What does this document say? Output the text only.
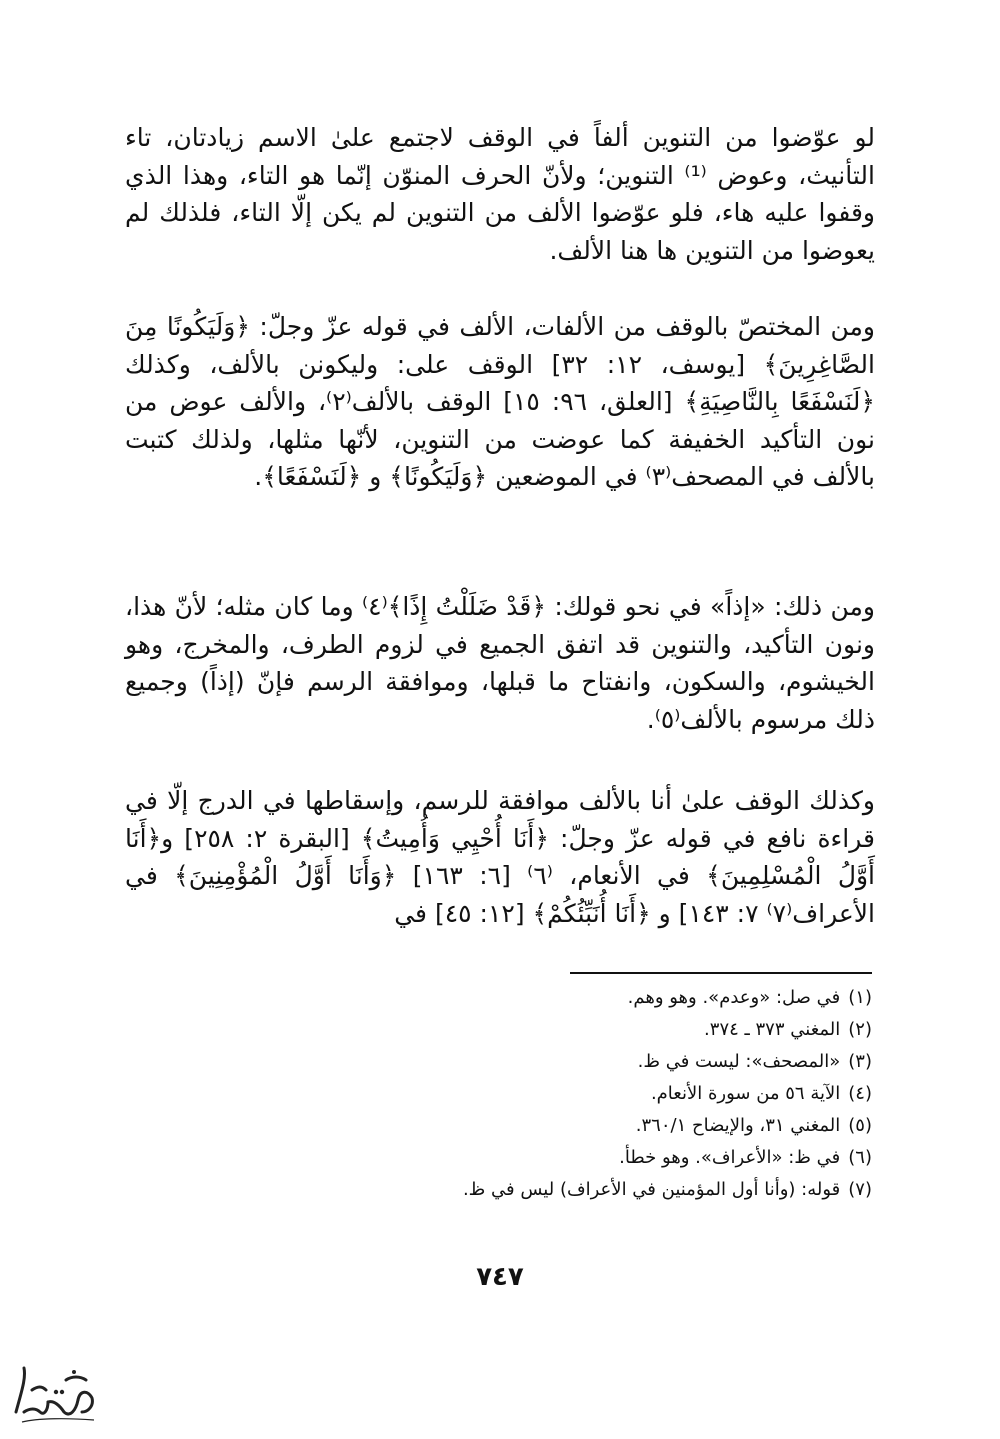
لو عوّضوا من التنوين ألفاً في الوقف لاجتمع علىٰ الاسم زيادتان، تاء التأنيث، وعوض ⁽¹⁾ التنوين؛ ولأنّ الحرف المنوّن إنّما هو التاء، وهذا الذي وقفوا عليه هاء، فلو عوّضوا الألف من التنوين لم يكن إلّا التاء، فلذلك لم يعوضوا من التنوين ها هنا الألف.
ومن المختصّ بالوقف من الألفات، الألف في قوله عزّ وجلّ: ﴿وَلَيَكُونًا مِنَ الصَّاغِرِينَ﴾ [يوسف، ١٢: ٣٢] الوقف على: وليكونن بالألف، وكذلك ﴿لَنَسْفَعًا بِالنَّاصِيَةِ﴾ [العلق، ٩٦: ١٥] الوقف بالألف⁽٢⁾، والألف عوض من نون التأكيد الخفيفة كما عوضت من التنوين، لأنّها مثلها، ولذلك كتبت بالألف في المصحف⁽٣⁾ في الموضعين ﴿وَلَيَكُونًا﴾ و ﴿لَنَسْفَعًا﴾.
ومن ذلك: «إذاً» في نحو قولك: ﴿قَدْ ضَلَلْتُ إِذًا﴾⁽٤⁾ وما كان مثله؛ لأنّ هذا، ونون التأكيد، والتنوين قد اتفق الجميع في لزوم الطرف، والمخرج، وهو الخيشوم، والسكون، وانفتاح ما قبلها، وموافقة الرسم فإنّ (إذاً) وجميع ذلك مرسوم بالألف⁽٥⁾.
وكذلك الوقف علىٰ أنا بالألف موافقة للرسم، وإسقاطها في الدرج إلّا في قراءة نافع في قوله عزّ وجلّ: ﴿أَنَا أُحْيِي وَأُمِيتُ﴾ [البقرة ٢: ٢٥٨] و﴿أَنَا أَوَّلُ الْمُسْلِمِينَ﴾ في الأنعام، ⁽٦⁾ [٦: ١٦٣] ﴿وَأَنَا أَوَّلُ الْمُؤْمِنِينَ﴾ في الأعراف⁽٧⁾ ٧: ١٤٣] و ﴿أَنَا أُنَبِّئُكُمْ﴾ [١٢: ٤٥] في
(١)في صل: «وعدم». وهو وهم.
(٢)المغني ٣٧٣ ـ ٣٧٤.
(٣)«المصحف»: ليست في ظ.
(٤)الآية ٥٦ من سورة الأنعام.
(٥)المغني ٣١، والإيضاح ٣٦٠/١.
(٦)في ظ: «الأعراف». وهو خطأ.
(٧)قوله: (وأنا أول المؤمنين في الأعراف) ليس في ظ.
٧٤٧
